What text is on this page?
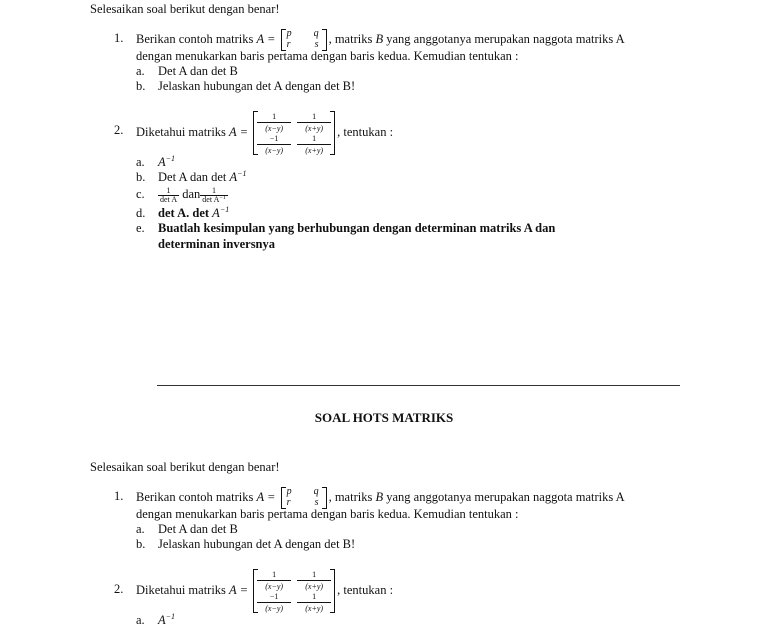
Selesaikan soal berikut dengan benar!
1. Berikan contoh matriks A = p q
r s , matriks B yang anggotanya merupakan naggota matriks A
dengan menukarkan baris pertama dengan baris kedua. Kemudian tentukan :
a. Det A dan det B
b. Jelaskan hubungan det A dengan det B!
2. Diketahui matriks $A = \frac{1}{(x-y)} \frac{1}{(x+y)}$
$\frac{-1}{(x-y)} \frac{1}{(x+y)}$
, tentukan :
a. $A^{-1}$
b. Det A dan $\det A^{-1}$
c. $\frac{1}{\text{det A}}$ dan $\frac{1}{\det A^{-1}}$
d. det A. $\det A^{-1}$
e. Buatlah kesimpulan yang berhubungan dengan determinan matriks A dan
determinan inversnya
SOAL HOTS MATRIKS
Selesaikan soal berikut dengan benar!
1. Berikan contoh matriks A = p q
r s , matriks B yang anggotanya merupakan naggota matriks A
dengan menukarkan baris pertama dengan baris kedua. Kemudian tentukan :
a. Det A dan det B
b. Jelaskan hubungan det A dengan det B!
2. Diketahui matriks $A = \frac{1}{(x-y)} \frac{1}{(x+y)}$
$\frac{-1}{(x-y)} \frac{1}{(x+y)}$
, tentukan :
a. $A^{-1}$
